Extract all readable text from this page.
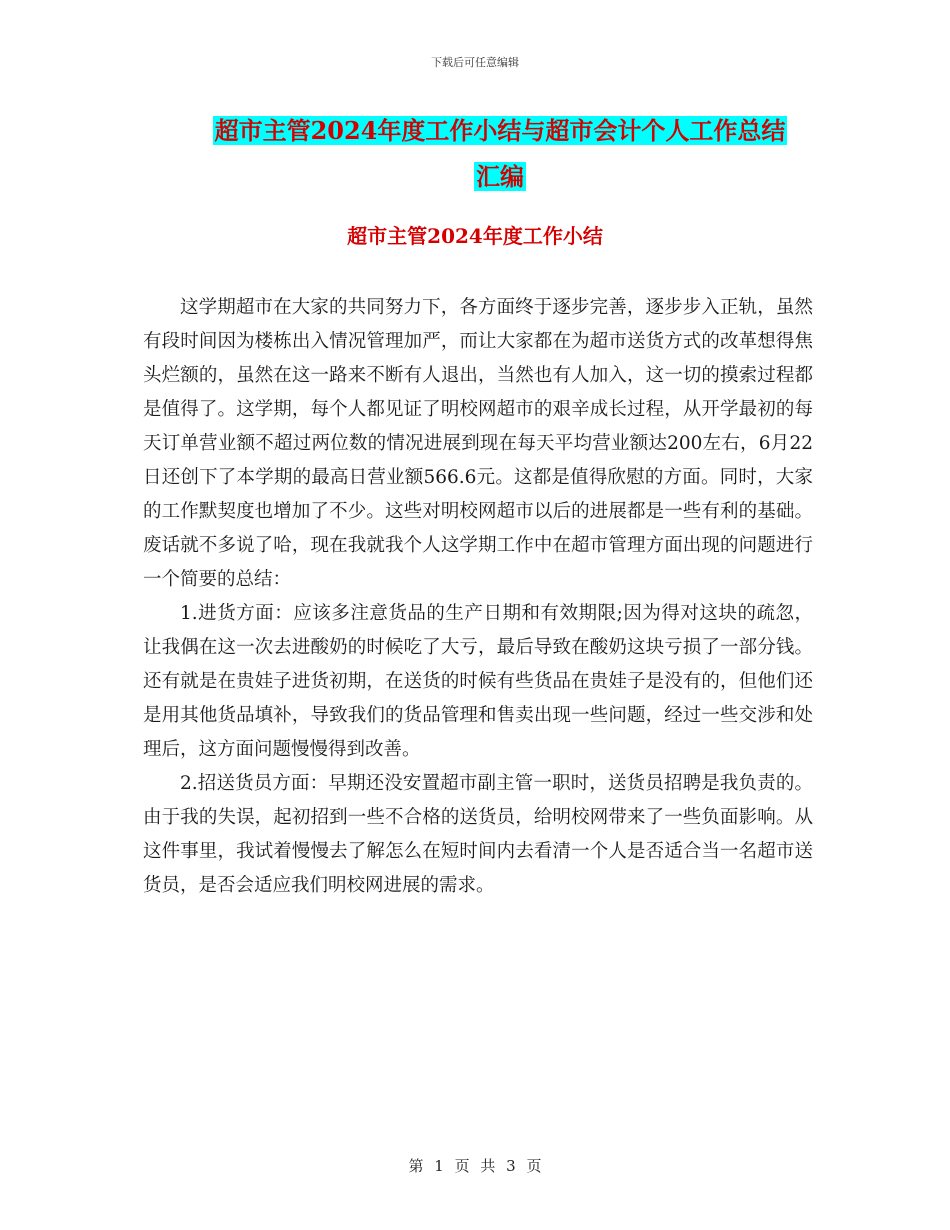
下载后可任意编辑
超市主管2024年度工作小结与超市会计个人工作总结
汇编
超市主管2024年度工作小结

这学期超市在大家的共同努力下，各方面终于逐步完善，逐步步入正轨，虽然有段时间因为楼栋出入情况管理加严，而让大家都在为超市送货方式的改革想得焦头烂额的，虽然在这一路来不断有人退出，当然也有人加入，这一切的摸索过程都是值得了。这学期，每个人都见证了明校网超市的艰辛成长过程，从开学最初的每天订单营业额不超过两位数的情况进展到现在每天平均营业额达200左右，6月22日还创下了本学期的最高日营业额566.6元。这都是值得欣慰的方面。同时，大家的工作默契度也增加了不少。这些对明校网超市以后的进展都是一些有利的基础。废话就不多说了哈，现在我就我个人这学期工作中在超市管理方面出现的问题进行一个简要的总结：

1.进货方面：应该多注意货品的生产日期和有效期限;因为得对这块的疏忽，让我偶在这一次去进酸奶的时候吃了大亏，最后导致在酸奶这块亏损了一部分钱。还有就是在贵娃子进货初期，在送货的时候有些货品在贵娃子是没有的，但他们还是用其他货品填补，导致我们的货品管理和售卖出现一些问题，经过一些交涉和处理后，这方面问题慢慢得到改善。

2.招送货员方面：早期还没安置超市副主管一职时，送货员招聘是我负责的。由于我的失误，起初招到一些不合格的送货员，给明校网带来了一些负面影响。从这件事里，我试着慢慢去了解怎么在短时间内去看清一个人是否适合当一名超市送货员，是否会适应我们明校网进展的需求。

第 1 页 共 3 页
